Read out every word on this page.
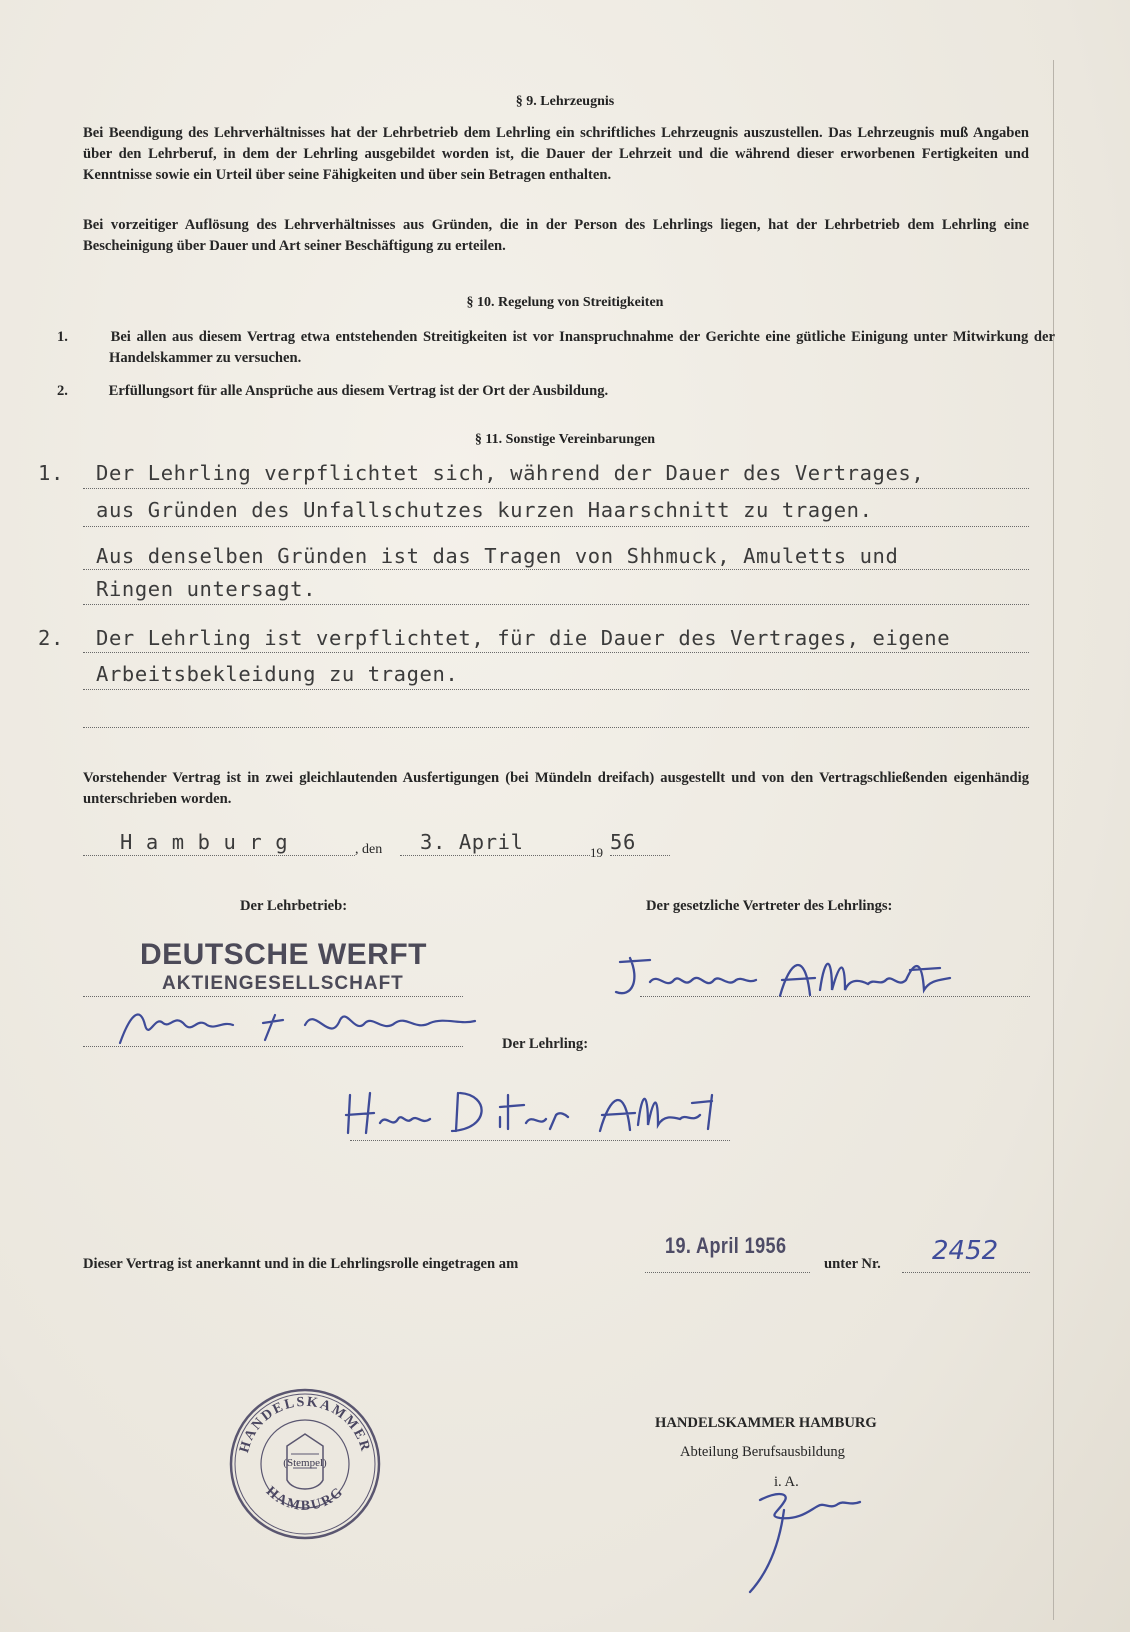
§ 9. Lehrzeugnis
Bei Beendigung des Lehrverhältnisses hat der Lehrbetrieb dem Lehrling ein schriftliches Lehrzeugnis auszustellen. Das Lehrzeugnis muß Angaben über den Lehrberuf, in dem der Lehrling ausgebildet worden ist, die Dauer der Lehrzeit und die während dieser erworbenen Fertigkeiten und Kenntnisse sowie ein Urteil über seine Fähigkeiten und über sein Betragen enthalten.
Bei vorzeitiger Auflösung des Lehrverhältnisses aus Gründen, die in der Person des Lehrlings liegen, hat der Lehrbetrieb dem Lehrling eine Bescheinigung über Dauer und Art seiner Beschäftigung zu erteilen.
§ 10. Regelung von Streitigkeiten
1.	Bei allen aus diesem Vertrag etwa entstehenden Streitigkeiten ist vor Inanspruchnahme der Gerichte eine gütliche Einigung unter Mitwirkung der Handelskammer zu versuchen.
2.	Erfüllungsort für alle Ansprüche aus diesem Vertrag ist der Ort der Ausbildung.
§ 11. Sonstige Vereinbarungen
1. Der Lehrling verpflichtet sich, während der Dauer des Vertrages,
aus Gründen des Unfallschutzes kurzen Haarschnitt zu tragen.
Aus denselben Gründen ist das Tragen von Shhmuck, Amuletts und
Ringen untersagt.
2. Der Lehrling ist verpflichtet, für die Dauer des Vertrages, eigene
Arbeitsbekleidung zu tragen.
Vorstehender Vertrag ist in zwei gleichlautenden Ausfertigungen (bei Mündeln dreifach) ausgestellt und von den Vertragschließenden eigenhändig unterschrieben worden.
H a m b u r g	, den 3. April	19 56
Der Lehrbetrieb:	Der gesetzliche Vertreter des Lehrlings:
DEUTSCHE WERFT
AKTIENGESELLSCHAFT
Der Lehrling:
Dieser Vertrag ist anerkannt und in die Lehrlingsrolle eingetragen am
19. April 1956
unter Nr. 2452
HANDELSKAMMER HAMBURG
Abteilung Berufsausbildung
i. A.
HANDELSKAMMER
HAMBURG
(Stempel)
